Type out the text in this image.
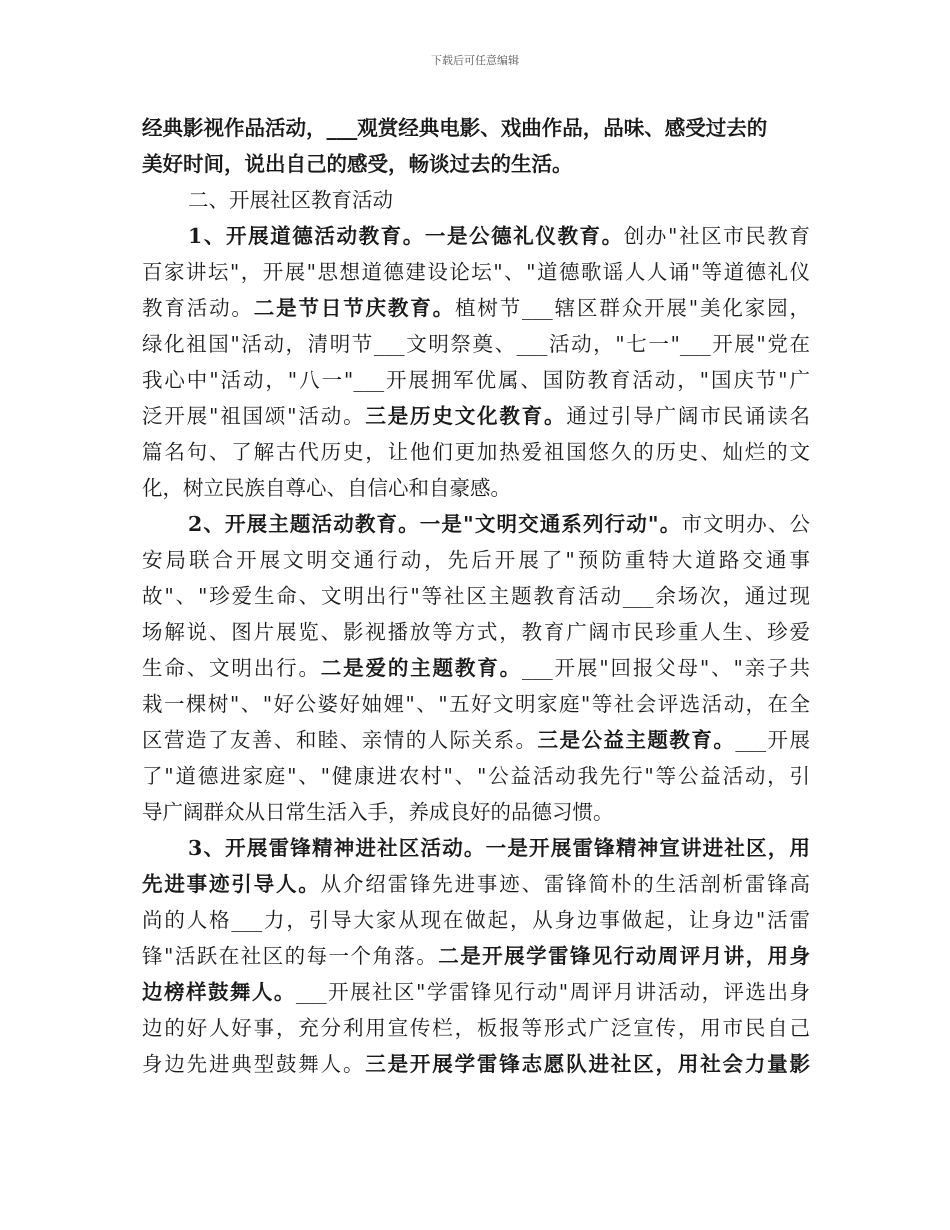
下载后可任意编辑
经典影视作品活动，___观赏经典电影、戏曲作品，品味、感受过去的
美好时间，说出自己的感受，畅谈过去的生活。
二、开展社区教育活动
1、开展道德活动教育。一是公德礼仪教育。创办"社区市民教育
百家讲坛"，开展"思想道德建设论坛"、"道德歌谣人人诵"等道德礼仪
教育活动。二是节日节庆教育。植树节___辖区群众开展"美化家园，
绿化祖国"活动，清明节___文明祭奠、___活动，"七一"___开展"党在
我心中"活动，"八一"___开展拥军优属、国防教育活动，"国庆节"广
泛开展"祖国颂"活动。三是历史文化教育。通过引导广阔市民诵读名
篇名句、了解古代历史，让他们更加热爱祖国悠久的历史、灿烂的文
化，树立民族自尊心、自信心和自豪感。
2、开展主题活动教育。一是"文明交通系列行动"。市文明办、公
安局联合开展文明交通行动，先后开展了"预防重特大道路交通事
故"、"珍爱生命、文明出行"等社区主题教育活动___余场次，通过现
场解说、图片展览、影视播放等方式，教育广阔市民珍重人生、珍爱
生命、文明出行。二是爱的主题教育。___开展"回报父母"、"亲子共
栽一棵树"、"好公婆好妯娌"、"五好文明家庭"等社会评选活动，在全
区营造了友善、和睦、亲情的人际关系。三是公益主题教育。___开展
了"道德进家庭"、"健康进农村"、"公益活动我先行"等公益活动，引
导广阔群众从日常生活入手，养成良好的品德习惯。
3、开展雷锋精神进社区活动。一是开展雷锋精神宣讲进社区，用
先进事迹引导人。从介绍雷锋先进事迹、雷锋简朴的生活剖析雷锋高
尚的人格___力，引导大家从现在做起，从身边事做起，让身边"活雷
锋"活跃在社区的每一个角落。二是开展学雷锋见行动周评月讲，用身
边榜样鼓舞人。___开展社区"学雷锋见行动"周评月讲活动，评选出身
边的好人好事，充分利用宣传栏，板报等形式广泛宣传，用市民自己
身边先进典型鼓舞人。三是开展学雷锋志愿队进社区，用社会力量影
